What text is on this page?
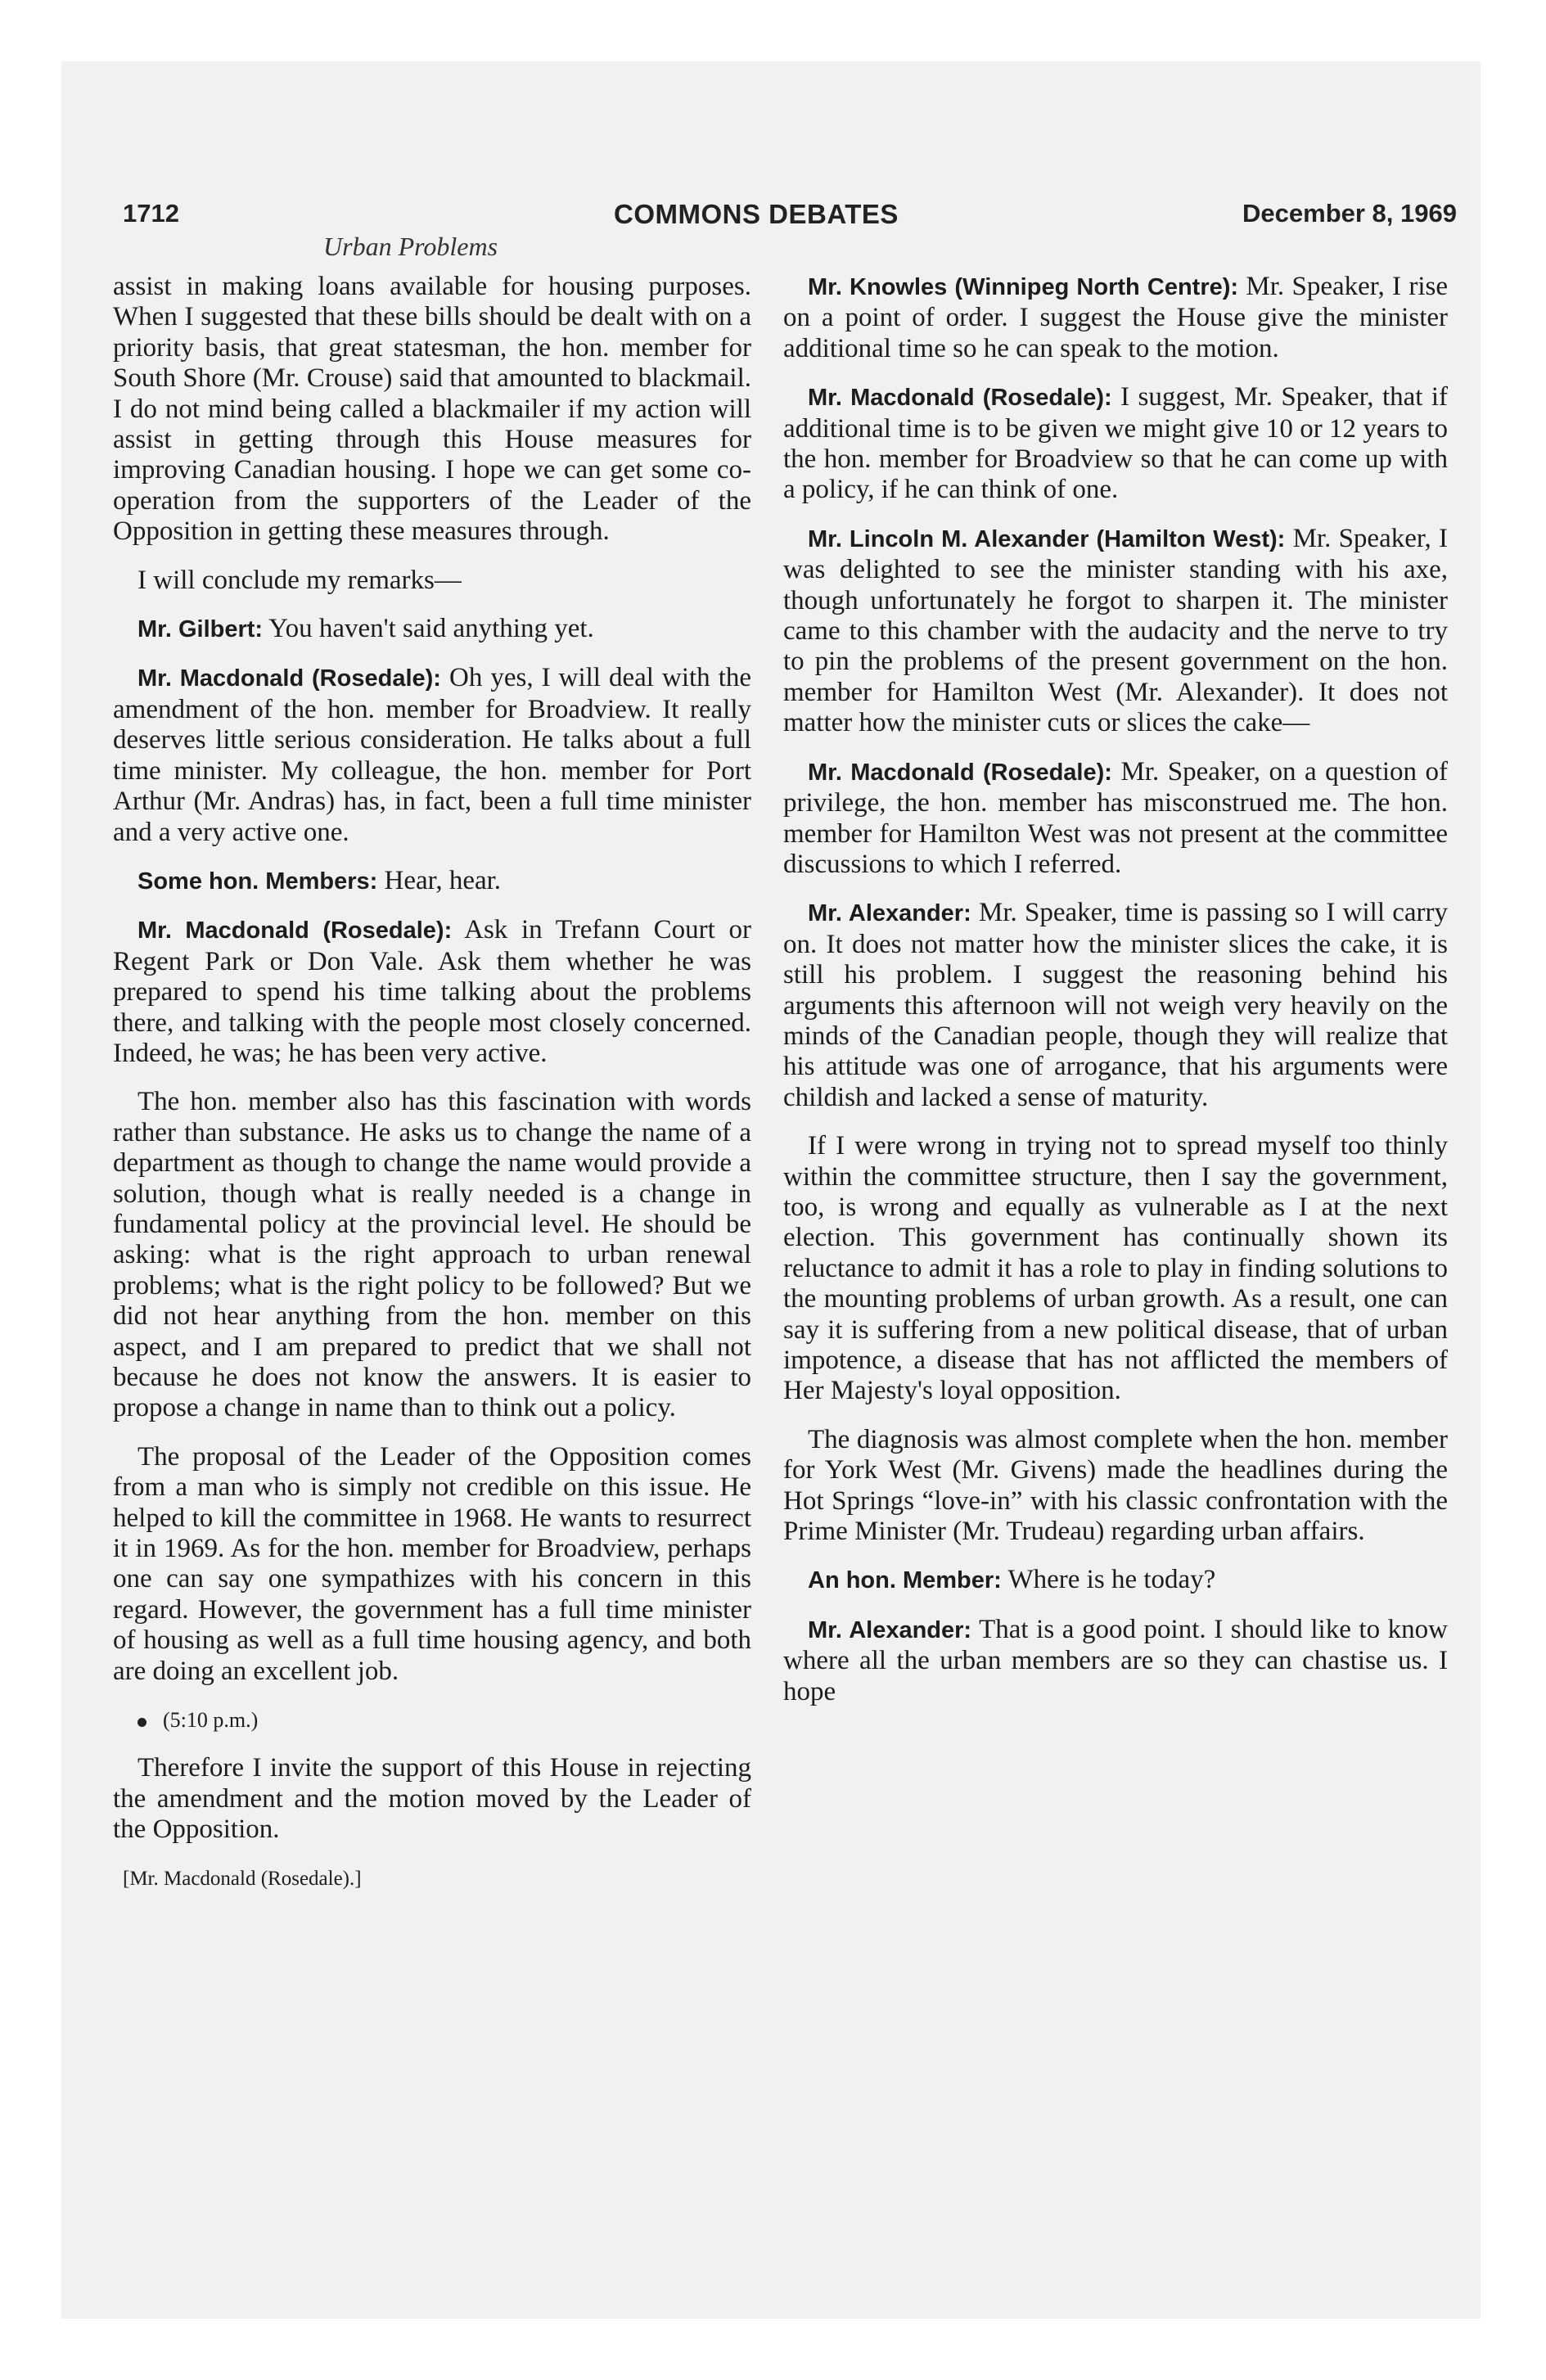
1712	COMMONS DEBATES	December 8, 1969
Urban Problems

assist in making loans available for housing purposes. When I suggested that these bills should be dealt with on a priority basis, that great statesman, the hon. member for South Shore (Mr. Crouse) said that amounted to blackmail. I do not mind being called a blackmailer if my action will assist in getting through this House measures for improving Canadian housing. I hope we can get some co-operation from the supporters of the Leader of the Opposition in getting these measures through.

I will conclude my remarks—

Mr. Gilbert: You haven't said anything yet.

Mr. Macdonald (Rosedale): Oh yes, I will deal with the amendment of the hon. member for Broadview. It really deserves little serious consideration. He talks about a full time minister. My colleague, the hon. member for Port Arthur (Mr. Andras) has, in fact, been a full time minister and a very active one.

Some hon. Members: Hear, hear.

Mr. Macdonald (Rosedale): Ask in Trefann Court or Regent Park or Don Vale. Ask them whether he was prepared to spend his time talking about the problems there, and talking with the people most closely concerned. Indeed, he was; he has been very active.

The hon. member also has this fascination with words rather than substance. He asks us to change the name of a department as though to change the name would provide a solution, though what is really needed is a change in fundamental policy at the provincial level. He should be asking: what is the right approach to urban renewal problems; what is the right policy to be followed? But we did not hear anything from the hon. member on this aspect, and I am prepared to predict that we shall not because he does not know the answers. It is easier to propose a change in name than to think out a policy.

The proposal of the Leader of the Opposition comes from a man who is simply not credible on this issue. He helped to kill the committee in 1968. He wants to resurrect it in 1969. As for the hon. member for Broadview, perhaps one can say one sympathizes with his concern in this regard. However, the government has a full time minister of housing as well as a full time housing agency, and both are doing an excellent job.

(5:10 p.m.)

Therefore I invite the support of this House in rejecting the amendment and the motion moved by the Leader of the Opposition.

[Mr. Macdonald (Rosedale).]

Mr. Knowles (Winnipeg North Centre): Mr. Speaker, I rise on a point of order. I suggest the House give the minister additional time so he can speak to the motion.

Mr. Macdonald (Rosedale): I suggest, Mr. Speaker, that if additional time is to be given we might give 10 or 12 years to the hon. member for Broadview so that he can come up with a policy, if he can think of one.

Mr. Lincoln M. Alexander (Hamilton West): Mr. Speaker, I was delighted to see the minister standing with his axe, though unfortunately he forgot to sharpen it. The minister came to this chamber with the audacity and the nerve to try to pin the problems of the present government on the hon. member for Hamilton West (Mr. Alexander). It does not matter how the minister cuts or slices the cake—

Mr. Macdonald (Rosedale): Mr. Speaker, on a question of privilege, the hon. member has misconstrued me. The hon. member for Hamilton West was not present at the committee discussions to which I referred.

Mr. Alexander: Mr. Speaker, time is passing so I will carry on. It does not matter how the minister slices the cake, it is still his problem. I suggest the reasoning behind his arguments this afternoon will not weigh very heavily on the minds of the Canadian people, though they will realize that his attitude was one of arrogance, that his arguments were childish and lacked a sense of maturity.

If I were wrong in trying not to spread myself too thinly within the committee structure, then I say the government, too, is wrong and equally as vulnerable as I at the next election. This government has continually shown its reluctance to admit it has a role to play in finding solutions to the mounting problems of urban growth. As a result, one can say it is suffering from a new political disease, that of urban impotence, a disease that has not afflicted the members of Her Majesty's loyal opposition.

The diagnosis was almost complete when the hon. member for York West (Mr. Givens) made the headlines during the Hot Springs “love-in” with his classic confrontation with the Prime Minister (Mr. Trudeau) regarding urban affairs.

An hon. Member: Where is he today?

Mr. Alexander: That is a good point. I should like to know where all the urban members are so they can chastise us. I hope
